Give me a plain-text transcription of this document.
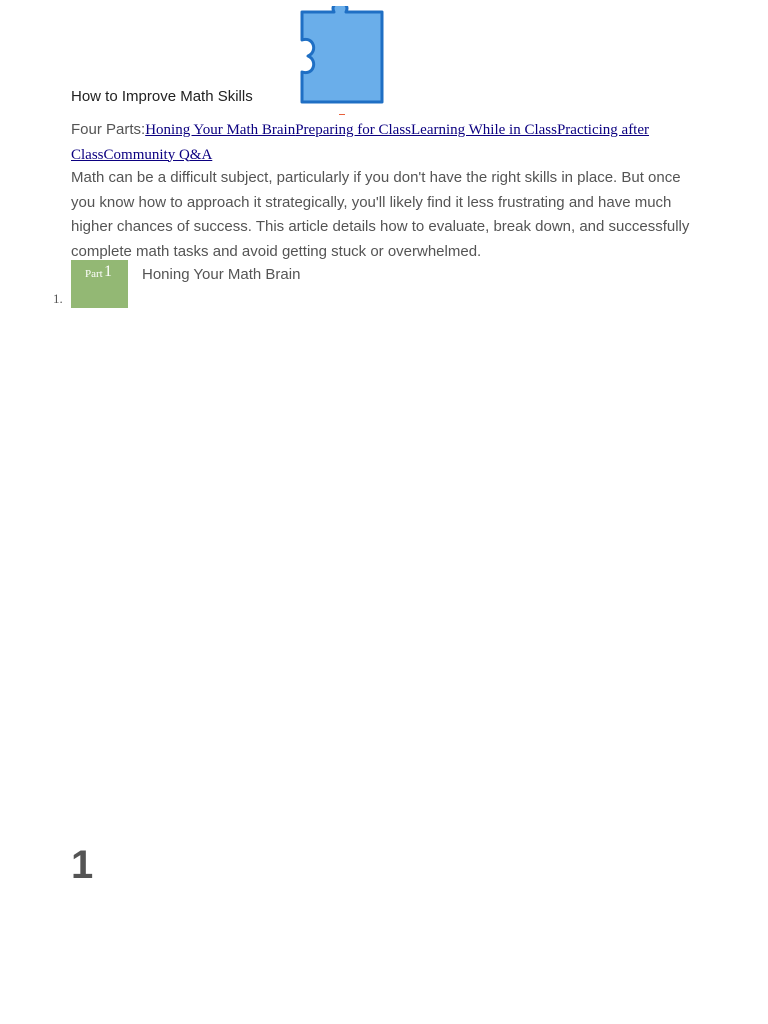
How to Improve Math Skills
Four Parts:Honing Your Math BrainPreparing for ClassLearning While in ClassPracticing after ClassCommunity Q&A
Math can be a difficult subject, particularly if you don't have the right skills in place. But once you know how to approach it strategically, you'll likely find it less frustrating and have much higher chances of success. This article details how to evaluate, break down, and successfully complete math tasks and avoid getting stuck or overwhelmed.
1.
Part 1 Honing Your Math Brain
1
